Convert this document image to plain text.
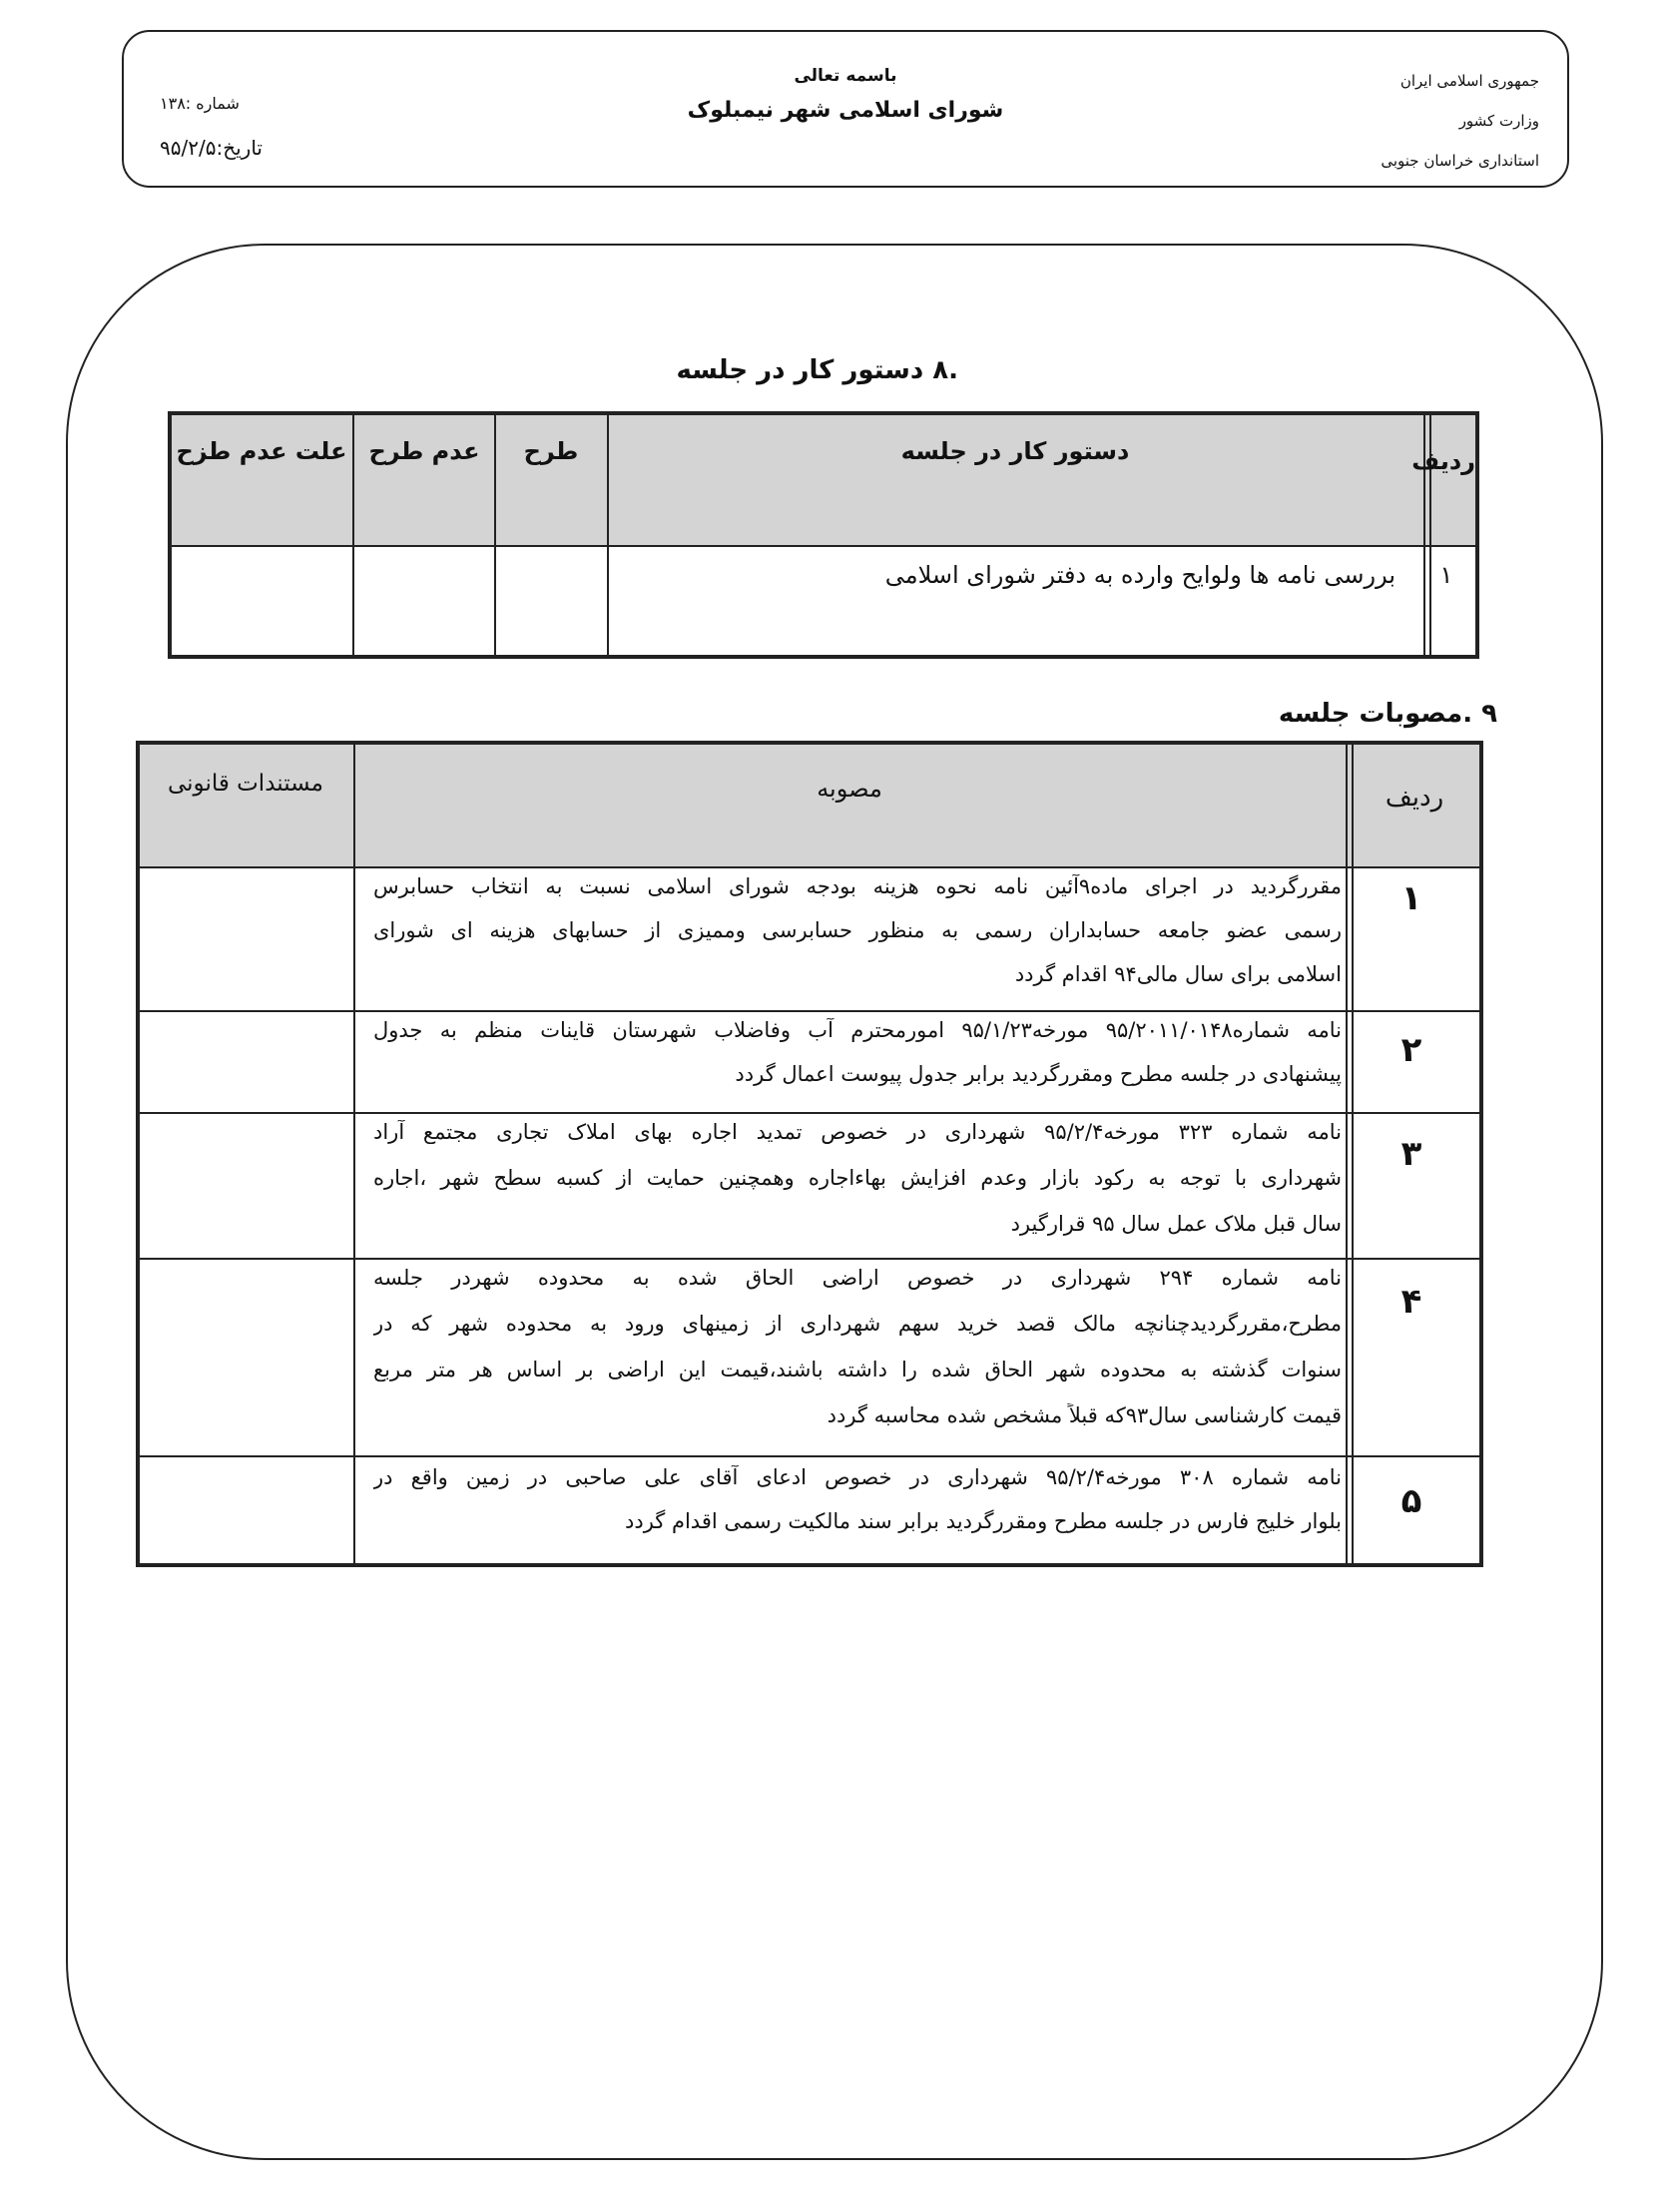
جمهوری اسلامی ایران
وزارت کشور
استانداری خراسان جنوبی
باسمه تعالی
شورای اسلامی شهر نیمبلوک
شماره :۱۳۸
تاریخ:۹۵/۲/۵
.۸ دستور کار در جلسه
ردیف
دستور کار در جلسه
طرح
عدم طرح
علت عدم طزح
۱
بررسی نامه ها ولوایح وارده به دفتر شورای اسلامی
۹ .مصوبات جلسه
ردیف
مصوبه
مستندات قانونی
۱
مقررگردید در اجرای ماده۹آئین نامه نحوه هزینه بودجه شورای اسلامی نسبت به انتخاب حسابرس
رسمی عضو جامعه حسابداران رسمی به منظور حسابرسی وممیزی از حسابهای هزینه ای شورای
اسلامی برای سال مالی۹۴ اقدام گردد
۲
نامه شماره۹۵/۲۰۱۱/۰۱۴۸ مورخه۹۵/۱/۲۳ امورمحترم آب وفاضلاب شهرستان قاینات منظم به جدول
پیشنهادی در جلسه مطرح ومقررگردید برابر جدول پیوست اعمال گردد
۳
نامه شماره ۳۲۳ مورخه۹۵/۲/۴ شهرداری در خصوص تمدید اجاره بهای املاک تجاری مجتمع آراد
شهرداری با توجه به رکود بازار وعدم افزایش بهاءاجاره وهمچنین حمایت از کسبه سطح شهر ،اجاره
سال قبل ملاک عمل سال ۹۵ قرارگیرد
۴
نامه شماره ۲۹۴ شهرداری در خصوص اراضی الحاق شده به محدوده شهردر جلسه
مطرح،مقررگردیدچنانچه مالک قصد خرید سهم شهرداری از زمینهای ورود به محدوده شهر که در
سنوات گذشته به محدوده شهر الحاق شده را داشته باشند،قیمت این اراضی بر اساس هر متر مربع
قیمت کارشناسی سال۹۳که قبلاً مشخص شده محاسبه گردد
۵
نامه شماره ۳۰۸ مورخه۹۵/۲/۴ شهرداری در خصوص ادعای آقای علی صاحبی در زمین واقع در
بلوار خلیج فارس در جلسه مطرح ومقررگردید برابر سند مالکیت رسمی اقدام گردد
